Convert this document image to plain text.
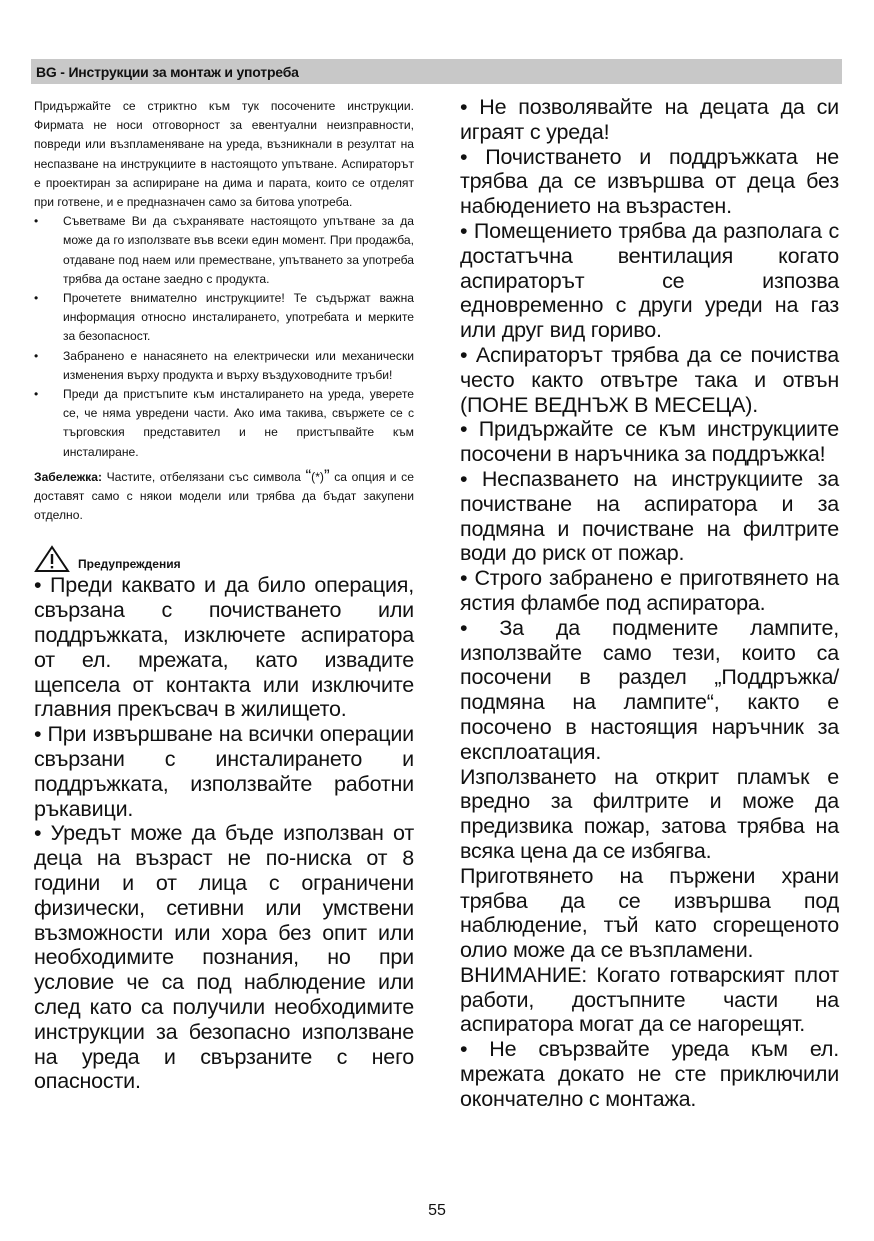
BG - Инструкции за монтаж и употреба

Придържайте се стриктно към тук посочените инструкции. Фирмата не носи отговорност за евентуални неизправности, повреди или възпламеняване на уреда, възникнали в резултат на неспазване на инструкциите в настоящото упътване. Аспираторът е проектиран за аспириране на дима и парата, които се отделят при готвене, и е предназначен само за битова употреба.

•	Съветваме Ви да съхранявате настоящото упътване за да може да го използвате във всеки един момент. При продажба, отдаване под наем или преместване, упътването за употреба трябва да остане заедно с продукта.
•	Прочетете внимателно инструкциите! Те съдържат важна информация относно инсталирането, употребата и мерките за безопасност.
•	Забранено е нанасянето на електрически или механически изменения върху продукта и върху въздуховодните тръби!
•	Преди да пристъпите към инсталирането на уреда, уверете се, че няма увредени части. Ако има такива, свържете се с търговския представител и не пристъпвайте към инсталиране.

Забележка: Частите, отбелязани със символа “(*)” са опция и се доставят само с някои модели или трябва да бъдат закупени отделно.

Предупреждения

• Преди каквато и да било операция, свързана с почистването или поддръжката, изключете аспиратора от ел. мрежата, като извадите щепсела от контакта или изключите главния прекъсвач в жилището.

• При извършване на всички операции свързани с инсталирането и поддръжката, използвайте работни ръкавици.

• Уредът може да бъде използван от деца на възраст не по-ниска от 8 години и от лица с ограничени физически, сетивни или умствени възможности или хора без опит или необходимите познания, но при условие че са под наблюдение или след като са получили необходимите инструкции за безопасно използване на уреда и свързаните с него опасности.

• Не позволявайте на децата да си играят с уреда!

• Почистването и поддръжката не трябва да се извършва от деца без набюдението на възрастен.

• Помещението трябва да разполага с достатъчна вентилация когато аспираторът се изпозва едновременно с други уреди на газ или друг вид гориво.

• Аспираторът трябва да се почиства често както отвътре така и отвън (ПОНЕ ВЕДНЪЖ В МЕСЕЦА).

• Придържайте се към инструкциите посочени в наръчника за поддръжка!

• Неспазването на инструкциите за почистване на аспиратора и за подмяна и почистване на филтрите води до риск от пожар.

• Строго забранено е приготвянето на ястия фламбе под аспиратора.

• За да подмените лампите, използвайте само тези, които са посочени в раздел „Поддръжка/подмяна на лампите“, както е посочено в настоящия наръчник за експлоатация.

Използването на открит пламък е вредно за филтрите и може да предизвика пожар, затова трябва на всяка цена да се избягва.

Приготвянето на пържени храни трябва да се извършва под наблюдение, тъй като сгорещеното олио може да се възпламени.

ВНИМАНИЕ: Когато готварският плот работи, достъпните части на аспиратора могат да се нагорещят.

• Не свързвайте уреда към ел. мрежата докато не сте приключили окончателно с монтажа.

55
